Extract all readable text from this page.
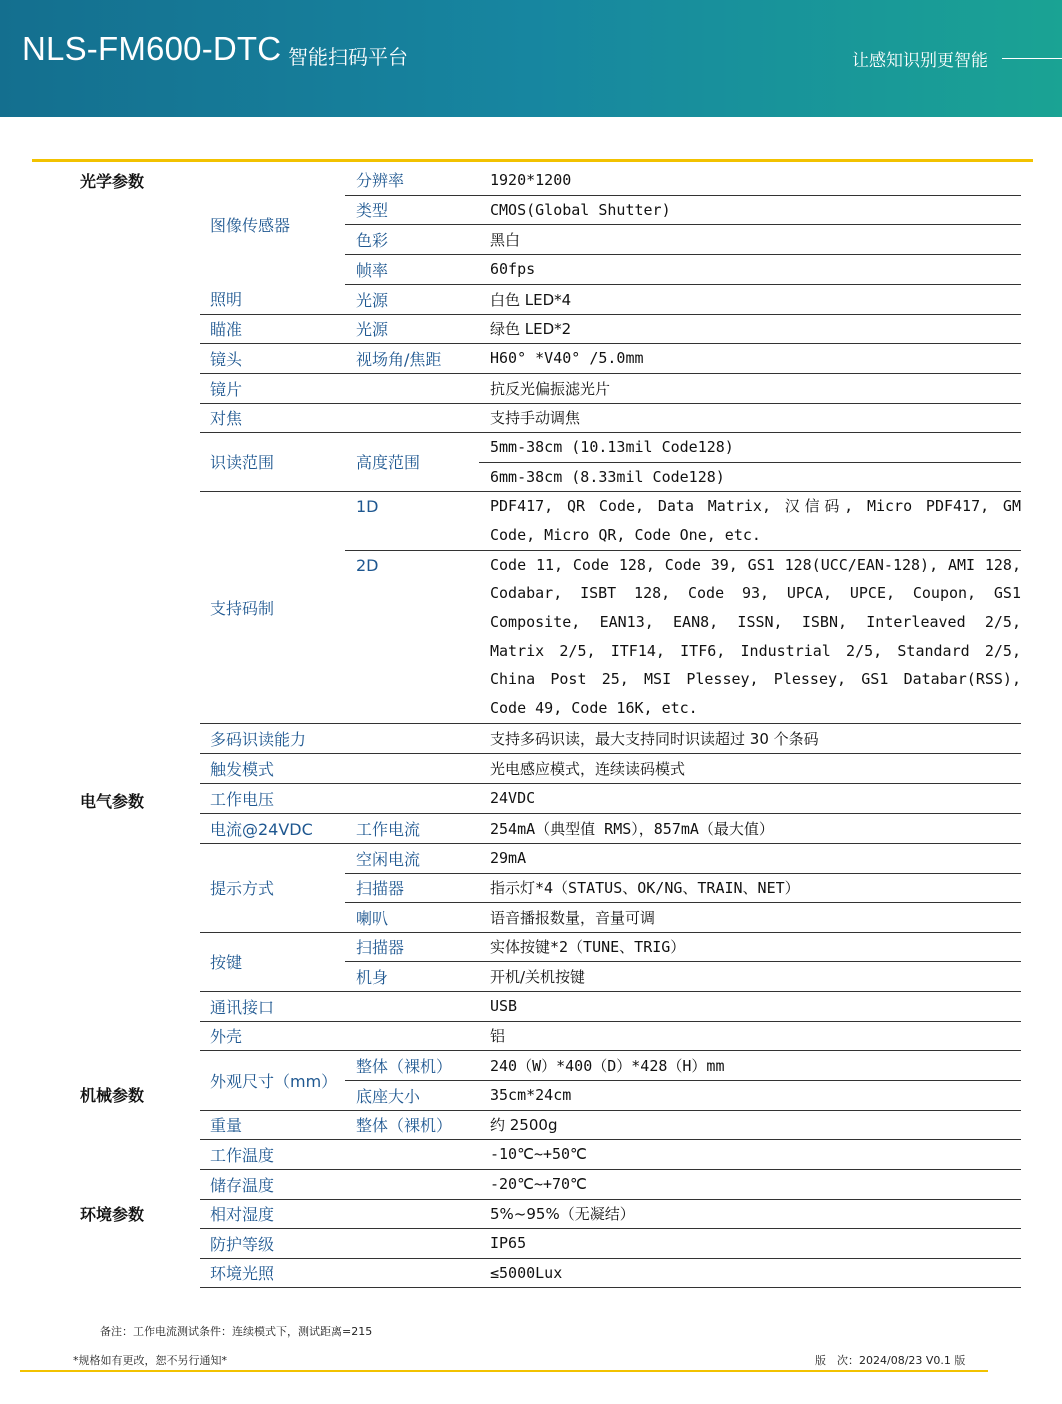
NLS-FM600-DTC 智能扫码平台	让感知识别更智能
光学参数	图像传感器	分辨率	1920*1200
		类型	CMOS(Global Shutter)
		色彩	黑白
		帧率	60fps
	照明	光源	白色 LED*4
	瞄准	光源	绿色 LED*2
	镜头	视场角/焦距	H60° *V40° /5.0mm
	镜片		抗反光偏振滤光片
	对焦		支持手动调焦
	识读范围	高度范围	5mm-38cm (10.13mil Code128)
			6mm-38cm (8.33mil Code128)
	支持码制	1D	PDF417, QR Code, Data Matrix, 汉信码, Micro PDF417, GM Code, Micro QR, Code One, etc.
电气参数		2D	Code 11, Code 128, Code 39, GS1 128(UCC/EAN-128), AMI 128, Codabar, ISBT 128, Code 93, UPCA, UPCE, Coupon, GS1 Composite, EAN13, EAN8, ISSN, ISBN, Interleaved 2/5, Matrix 2/5, ITF14, ITF6, Industrial 2/5, Standard 2/5, China Post 25, MSI Plessey, Plessey, GS1 Databar(RSS), Code 49, Code 16K, etc.
	多码识读能力		支持多码识读，最大支持同时识读超过 30 个条码
	触发模式		光电感应模式，连续读码模式
	工作电压		24VDC
	电流@24VDC	工作电流	254mA（典型值 RMS），857mA（最大值）
	提示方式	空闲电流	29mA
		扫描器	指示灯*4（STATUS、OK/NG、TRAIN、NET）
		喇叭	语音播报数量，音量可调
	按键	扫描器	实体按键*2（TUNE、TRIG）
		机身	开机/关机按键
	通讯接口		USB
	外壳		铝
机械参数	外观尺寸（mm）	整体（裸机）	240（W）*400（D）*428（H）mm
		底座大小	35cm*24cm
	重量	整体（裸机）	约 2500g
环境参数	工作温度		-10℃~+50℃
	储存温度		-20℃~+70℃
	相对湿度		5%~95%（无凝结）
	防护等级		IP65
	环境光照		≤5000Lux
备注：工作电流测试条件：连续模式下，测试距离=215
*规格如有更改，恕不另行通知*	版　次：2024/08/23 V0.1 版
